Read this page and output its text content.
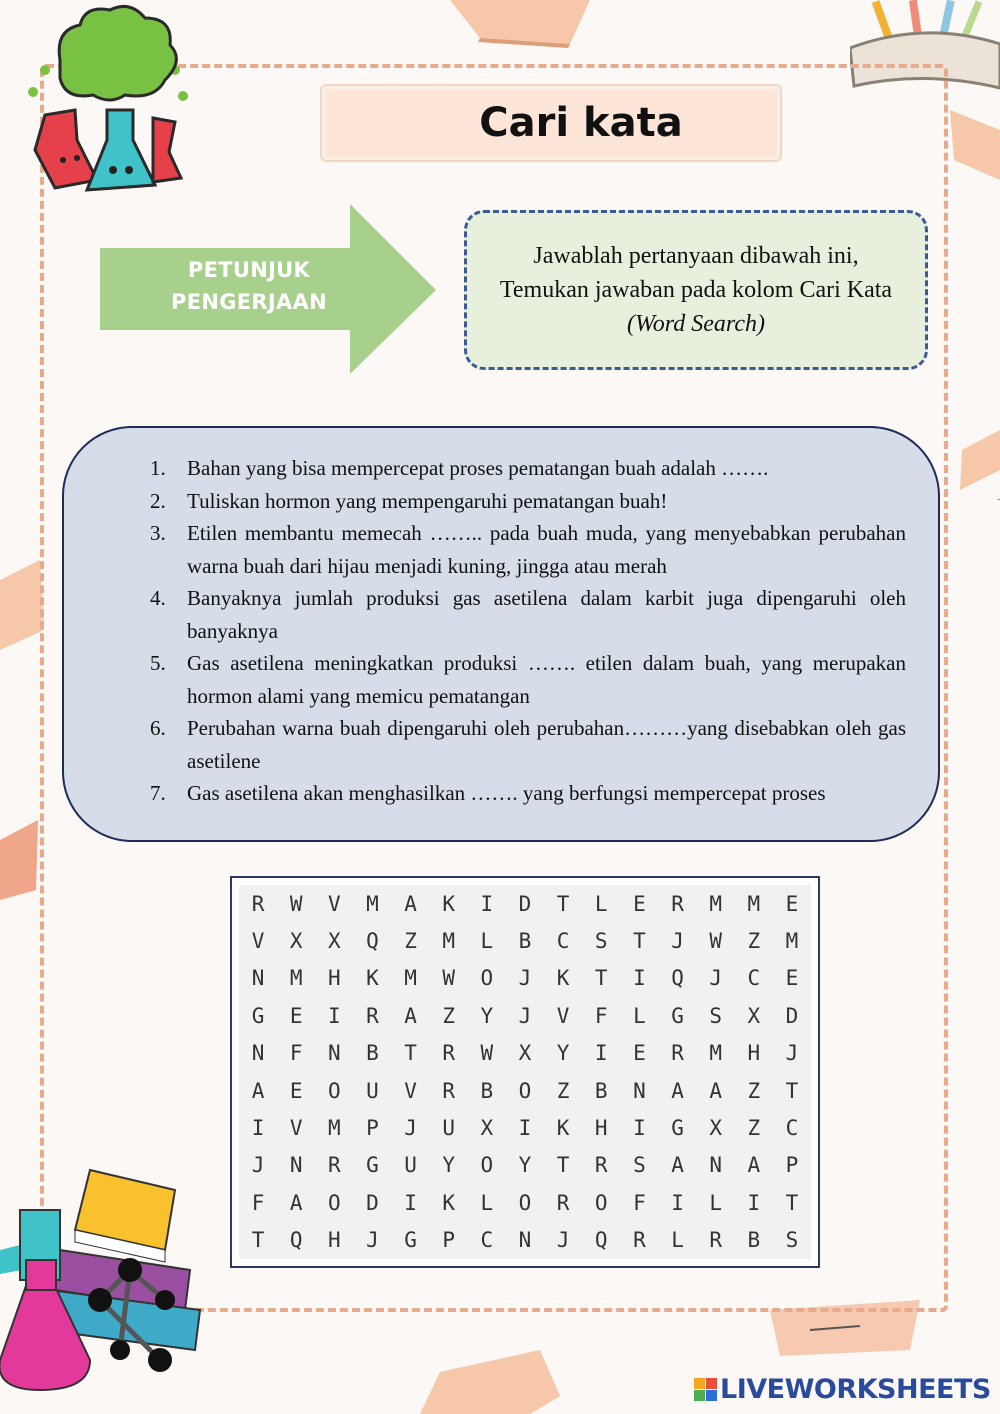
Cari kata
PETUNJUK
PENGERJAAN
Jawablah pertanyaan dibawah ini, Temukan jawaban pada kolom Cari Kata (Word Search)
1. Bahan yang bisa mempercepat proses pematangan buah adalah …….
2. Tuliskan hormon yang mempengaruhi pematangan buah!
3. Etilen membantu memecah …….. pada buah muda, yang menyebabkan perubahan warna buah dari hijau menjadi kuning, jingga atau merah
4. Banyaknya jumlah produksi gas asetilena dalam karbit juga dipengaruhi oleh banyaknya
5. Gas asetilena meningkatkan produksi ……. etilen dalam buah, yang merupakan hormon alami yang memicu pematangan
6. Perubahan warna buah dipengaruhi oleh perubahan………yang disebabkan oleh gas asetilene
7. Gas asetilena akan menghasilkan ……. yang berfungsi mempercepat proses
R	W	V	M	A	K	I	D	T	L	E	R	M	M	E
V	X	X	Q	Z	M	L	B	C	S	T	J	W	Z	M
N	M	H	K	M	W	O	J	K	T	I	Q	J	C	E
G	E	I	R	A	Z	Y	J	V	F	L	G	S	X	D
N	F	N	B	T	R	W	X	Y	I	E	R	M	H	J
A	E	O	U	V	R	B	O	Z	B	N	A	A	Z	T
I	V	M	P	J	U	X	I	K	H	I	G	X	Z	C
J	N	R	G	U	Y	O	Y	T	R	S	A	N	A	P
F	A	O	D	I	K	L	O	R	O	F	I	L	I	T
T	Q	H	J	G	P	C	N	J	Q	R	L	R	B	S
LIVEWORKSHEETS
